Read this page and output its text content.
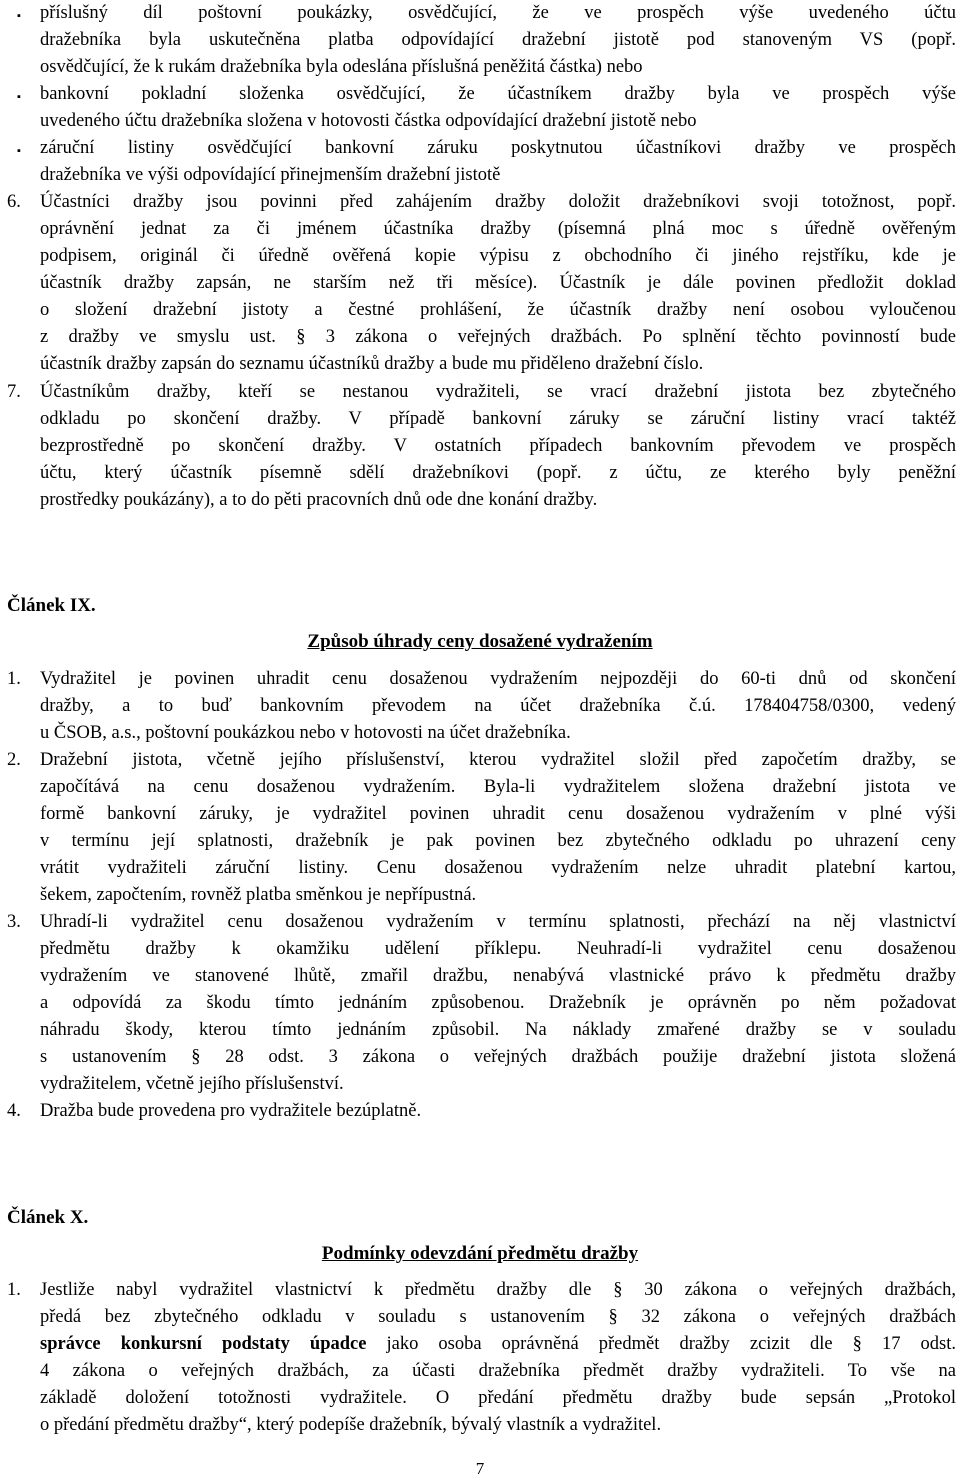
▪ příslušný díl poštovní poukázky, osvědčující, že ve prospěch výše uvedeného účtu
dražebníka byla uskutečněna platba odpovídající dražební jistotě pod stanoveným VS (popř.
osvědčující, že k rukám dražebníka byla odeslána příslušná peněžitá částka) nebo
▪ bankovní pokladní složenka osvědčující, že účastníkem dražby byla ve prospěch výše
uvedeného účtu dražebníka složena v hotovosti částka odpovídající dražební jistotě nebo
▪ záruční listiny osvědčující bankovní záruku poskytnutou účastníkovi dražby ve prospěch
dražebníka ve výši odpovídající přinejmenším dražební jistotě
6. Účastníci dražby jsou povinni před zahájením dražby doložit dražebníkovi svoji totožnost, popř.
oprávnění jednat za či jménem účastníka dražby (písemná plná moc s úředně ověřeným
podpisem, originál či úředně ověřená kopie výpisu z obchodního či jiného rejstříku, kde je
účastník dražby zapsán, ne starším než tři měsíce). Účastník je dále povinen předložit doklad
o složení dražební jistoty a čestné prohlášení, že účastník dražby není osobou vyloučenou
z dražby ve smyslu ust. § 3 zákona o veřejných dražbách. Po splnění těchto povinností bude
účastník dražby zapsán do seznamu účastníků dražby a bude mu přiděleno dražební číslo.
7. Účastníkům dražby, kteří se nestanou vydražiteli, se vrací dražební jistota bez zbytečného
odkladu po skončení dražby. V případě bankovní záruky se záruční listiny vrací taktéž
bezprostředně po skončení dražby. V ostatních případech bankovním převodem ve prospěch
účtu, který účastník písemně sdělí dražebníkovi (popř. z účtu, ze kterého byly peněžní
prostředky poukázány), a to do pěti pracovních dnů ode dne konání dražby.
Článek IX.
Způsob úhrady ceny dosažené vydražením
1. Vydražitel je povinen uhradit cenu dosaženou vydražením nejpozději do 60-ti dnů od skončení
dražby, a to buď bankovním převodem na účet dražebníka č.ú. 178404758/0300, vedený
u ČSOB, a.s., poštovní poukázkou nebo v hotovosti na účet dražebníka.
2. Dražební jistota, včetně jejího příslušenství, kterou vydražitel složil před započetím dražby, se
započítává na cenu dosaženou vydražením. Byla-li vydražitelem složena dražební jistota ve
formě bankovní záruky, je vydražitel povinen uhradit cenu dosaženou vydražením v plné výši
v termínu její splatnosti, dražebník je pak povinen bez zbytečného odkladu po uhrazení ceny
vrátit vydražiteli záruční listiny. Cenu dosaženou vydražením nelze uhradit platební kartou,
šekem, započtením, rovněž platba směnkou je nepřípustná.
3. Uhradí-li vydražitel cenu dosaženou vydražením v termínu splatnosti, přechází na něj vlastnictví
předmětu dražby k okamžiku udělení příklepu. Neuhradí-li vydražitel cenu dosaženou
vydražením ve stanovené lhůtě, zmařil dražbu, nenabývá vlastnické právo k předmětu dražby
a odpovídá za škodu tímto jednáním způsobenou. Dražebník je oprávněn po něm požadovat
náhradu škody, kterou tímto jednáním způsobil. Na náklady zmařené dražby se v souladu
s ustanovením § 28 odst. 3 zákona o veřejných dražbách použije dražební jistota složená
vydražitelem, včetně jejího příslušenství.
4. Dražba bude provedena pro vydražitele bezúplatně.
Článek X.
Podmínky odevzdání předmětu dražby
1. Jestliže nabyl vydražitel vlastnictví k předmětu dražby dle § 30 zákona o veřejných dražbách,
předá bez zbytečného odkladu v souladu s ustanovením § 32 zákona o veřejných dražbách
správce konkursní podstaty úpadce jako osoba oprávněná předmět dražby zcizit dle § 17 odst.
4 zákona o veřejných dražbách, za účasti dražebníka předmět dražby vydražiteli. To vše na
základě doložení totožnosti vydražitele. O předání předmětu dražby bude sepsán „Protokol
o předání předmětu dražby“, který podepíše dražebník, bývalý vlastník a vydražitel.
7
